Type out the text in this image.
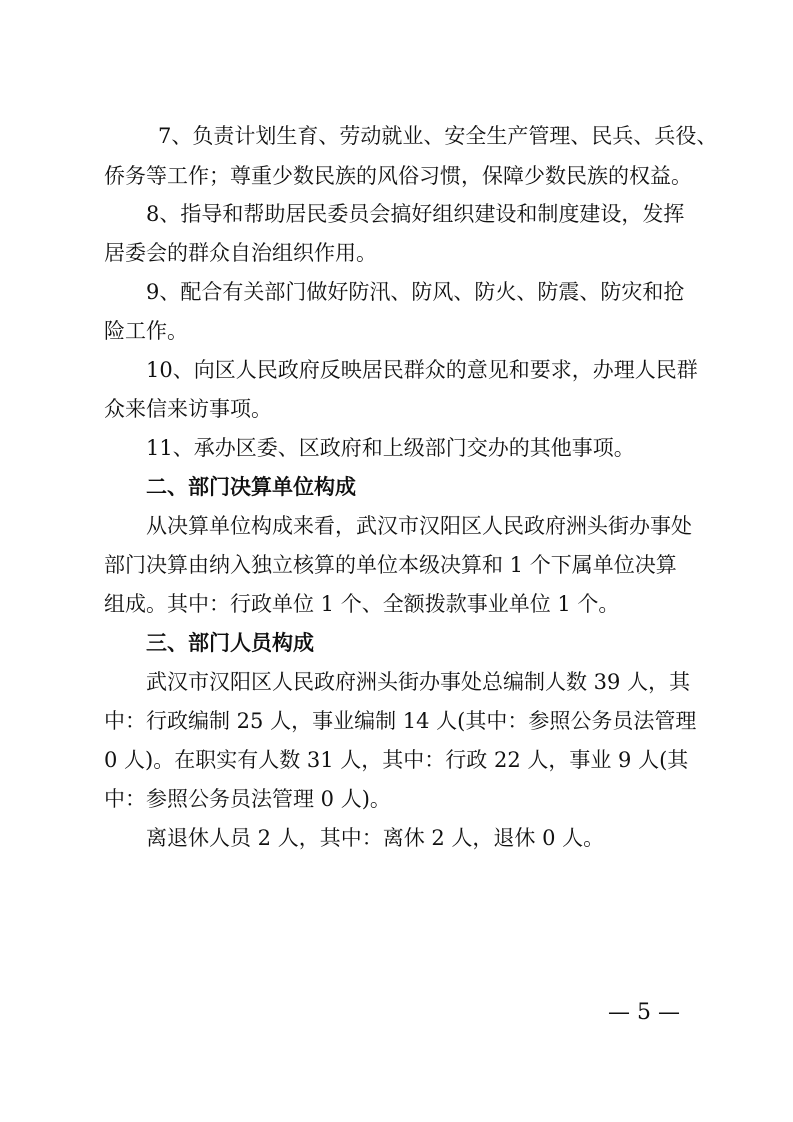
7、负责计划生育、劳动就业、安全生产管理、民兵、兵役、
侨务等工作；尊重少数民族的风俗习惯，保障少数民族的权益。
8、指导和帮助居民委员会搞好组织建设和制度建设，发挥
居委会的群众自治组织作用。
9、配合有关部门做好防汛、防风、防火、防震、防灾和抢
险工作。
10、向区人民政府反映居民群众的意见和要求，办理人民群
众来信来访事项。
11、承办区委、区政府和上级部门交办的其他事项。
二、部门决算单位构成
从决算单位构成来看，武汉市汉阳区人民政府洲头街办事处
部门决算由纳入独立核算的单位本级决算和 1 个下属单位决算
组成。其中：行政单位 1 个、全额拨款事业单位 1 个。
三、部门人员构成
武汉市汉阳区人民政府洲头街办事处总编制人数 39 人，其
中：行政编制 25 人，事业编制 14 人(其中：参照公务员法管理
0 人)。在职实有人数 31 人，其中：行政 22 人，事业 9 人(其
中：参照公务员法管理 0 人)。
离退休人员 2 人，其中：离休 2 人，退休 0 人。
— 5 —
